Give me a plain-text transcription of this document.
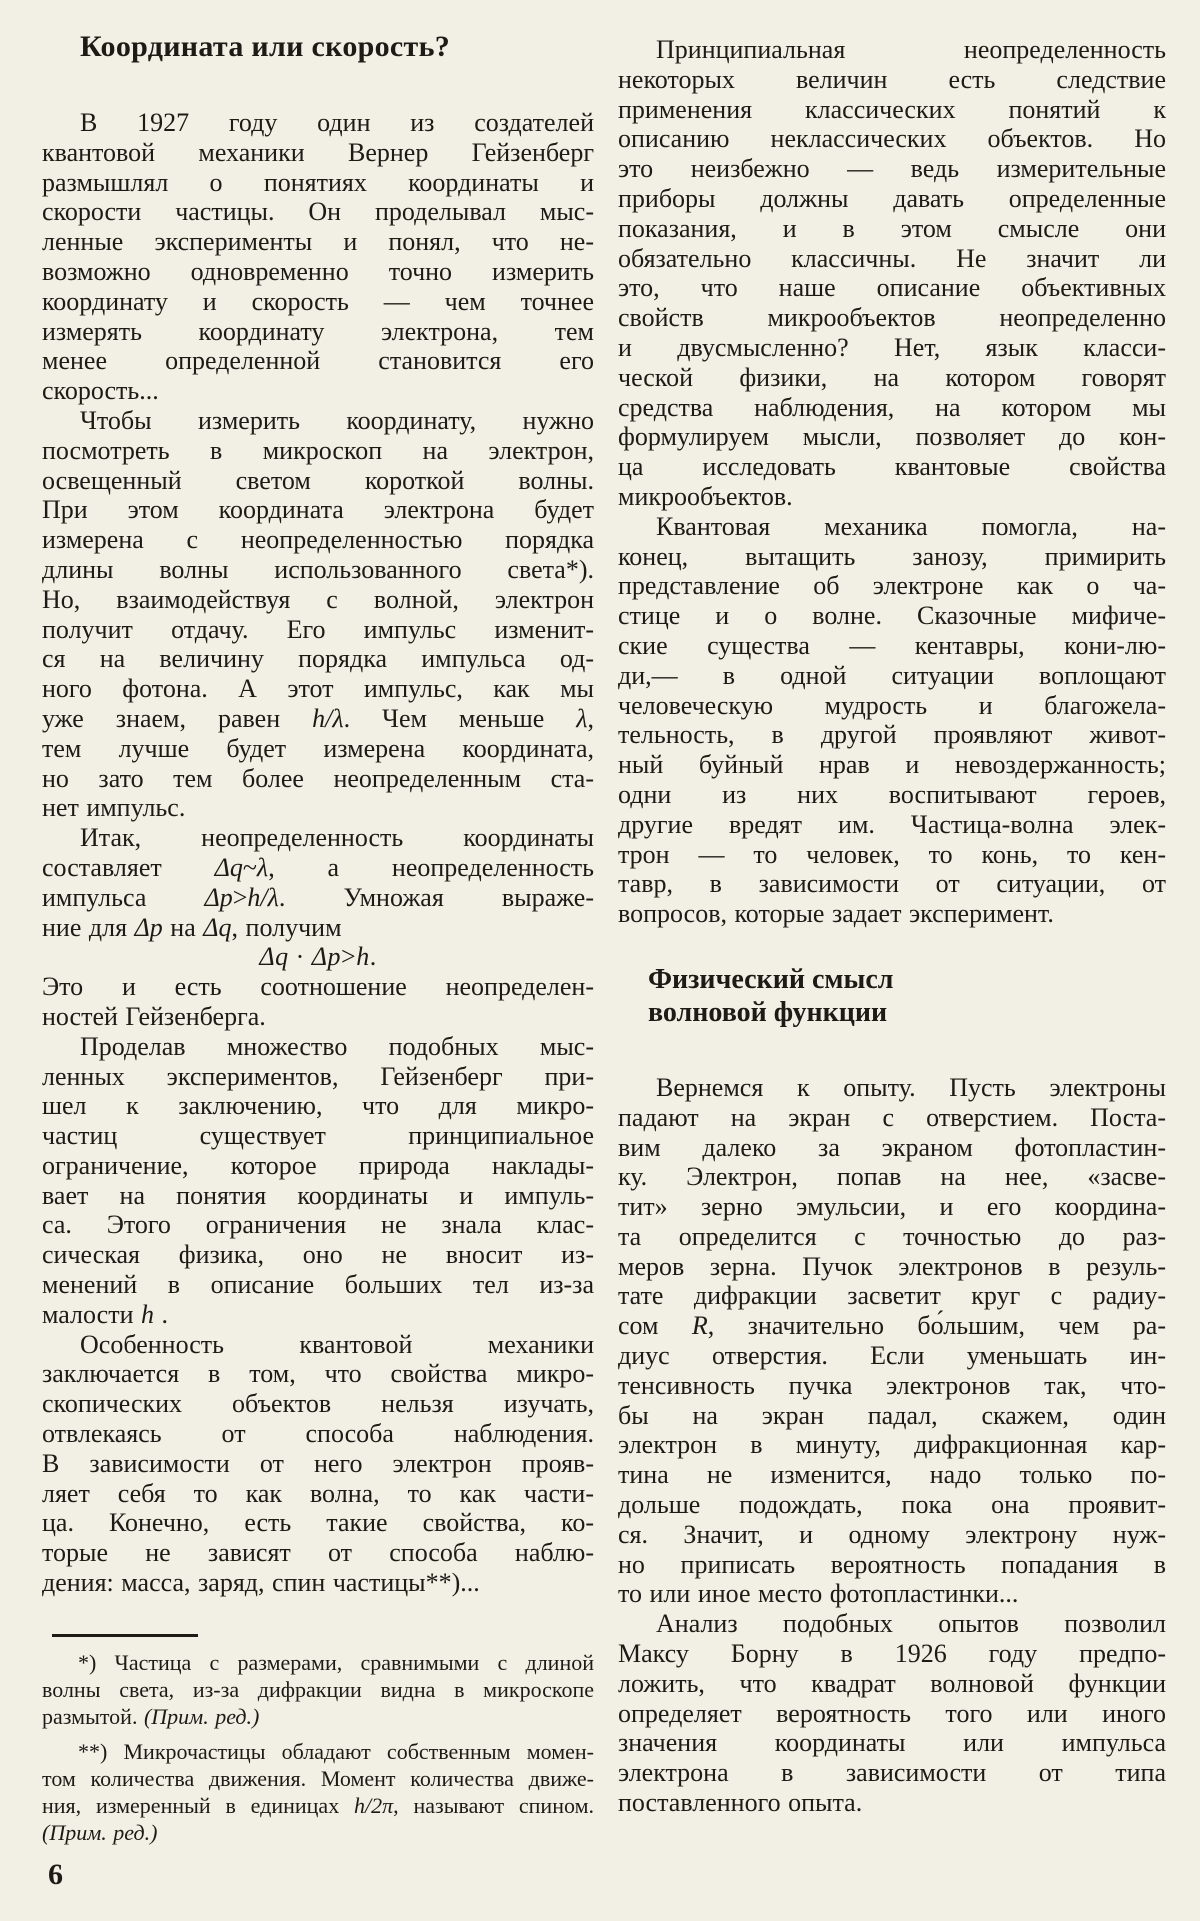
Координата или скорость?
В 1927 году один из создателей
квантовой механики Вернер Гейзенберг
размышлял о понятиях координаты и
скорости частицы. Он проделывал мыс-
ленные эксперименты и понял, что не-
возможно одновременно точно измерить
координату и скорость — чем точнее
измерять координату электрона, тем
менее определенной становится его
скорость...
Чтобы измерить координату, нужно
посмотреть в микроскоп на электрон,
освещенный светом короткой волны.
При этом координата электрона будет
измерена с неопределенностью порядка
длины волны использованного света*).
Но, взаимодействуя с волной, электрон
получит отдачу. Его импульс изменит-
ся на величину порядка импульса од-
ного фотона. А этот импульс, как мы
уже знаем, равен h/λ. Чем меньше λ,
тем лучше будет измерена координата,
но зато тем более неопределенным ста-
нет импульс.
Итак, неопределенность координаты
составляет Δq~λ, а неопределенность
импульса Δp>h/λ. Умножая выраже-
ние для Δp на Δq, получим
Δq · Δp>h.
Это и есть соотношение неопределен-
ностей Гейзенберга.
Проделав множество подобных мыс-
ленных экспериментов, Гейзенберг при-
шел к заключению, что для микро-
частиц существует принципиальное
ограничение, которое природа наклады-
вает на понятия координаты и импуль-
са. Этого ограничения не знала клас-
сическая физика, оно не вносит из-
менений в описание больших тел из-за
малости h .
Особенность квантовой механики
заключается в том, что свойства микро-
скопических объектов нельзя изучать,
отвлекаясь от способа наблюдения.
В зависимости от него электрон прояв-
ляет себя то как волна, то как части-
ца. Конечно, есть такие свойства, ко-
торые не зависят от способа наблю-
дения: масса, заряд, спин частицы**)...
*) Частица с размерами, сравнимыми с длиной
волны света, из-за дифракции видна в микроскопе
размытой. (Прим. ред.)
**) Микрочастицы обладают собственным момен-
том количества движения. Момент количества движе-
ния, измеренный в единицах h/2π, называют спином.
(Прим. ред.)
6
Принципиальная неопределенность
некоторых величин есть следствие
применения классических понятий к
описанию неклассических объектов. Но
это неизбежно — ведь измерительные
приборы должны давать определенные
показания, и в этом смысле они
обязательно классичны. Не значит ли
это, что наше описание объективных
свойств микрообъектов неопределенно
и двусмысленно? Нет, язык класси-
ческой физики, на котором говорят
средства наблюдения, на котором мы
формулируем мысли, позволяет до кон-
ца исследовать квантовые свойства
микрообъектов.
Квантовая механика помогла, на-
конец, вытащить занозу, примирить
представление об электроне как о ча-
стице и о волне. Сказочные мифиче-
ские существа — кентавры, кони-лю-
ди,— в одной ситуации воплощают
человеческую мудрость и благожела-
тельность, в другой проявляют живот-
ный буйный нрав и невоздержанность;
одни из них воспитывают героев,
другие вредят им. Частица-волна элек-
трон — то человек, то конь, то кен-
тавр, в зависимости от ситуации, от
вопросов, которые задает эксперимент.
Физический смысл
волновой функции
Вернемся к опыту. Пусть электроны
падают на экран с отверстием. Поста-
вим далеко за экраном фотопластин-
ку. Электрон, попав на нее, «засве-
тит» зерно эмульсии, и его координа-
та определится с точностью до раз-
меров зерна. Пучок электронов в резуль-
тате дифракции засветит круг с радиу-
сом R, значительно бо́льшим, чем ра-
диус отверстия. Если уменьшать ин-
тенсивность пучка электронов так, что-
бы на экран падал, скажем, один
электрон в минуту, дифракционная кар-
тина не изменится, надо только по-
дольше подождать, пока она проявит-
ся. Значит, и одному электрону нуж-
но приписать вероятность попадания в
то или иное место фотопластинки...
Анализ подобных опытов позволил
Максу Борну в 1926 году предпо-
ложить, что квадрат волновой функции
определяет вероятность того или иного
значения координаты или импульса
электрона в зависимости от типа
поставленного опыта.
